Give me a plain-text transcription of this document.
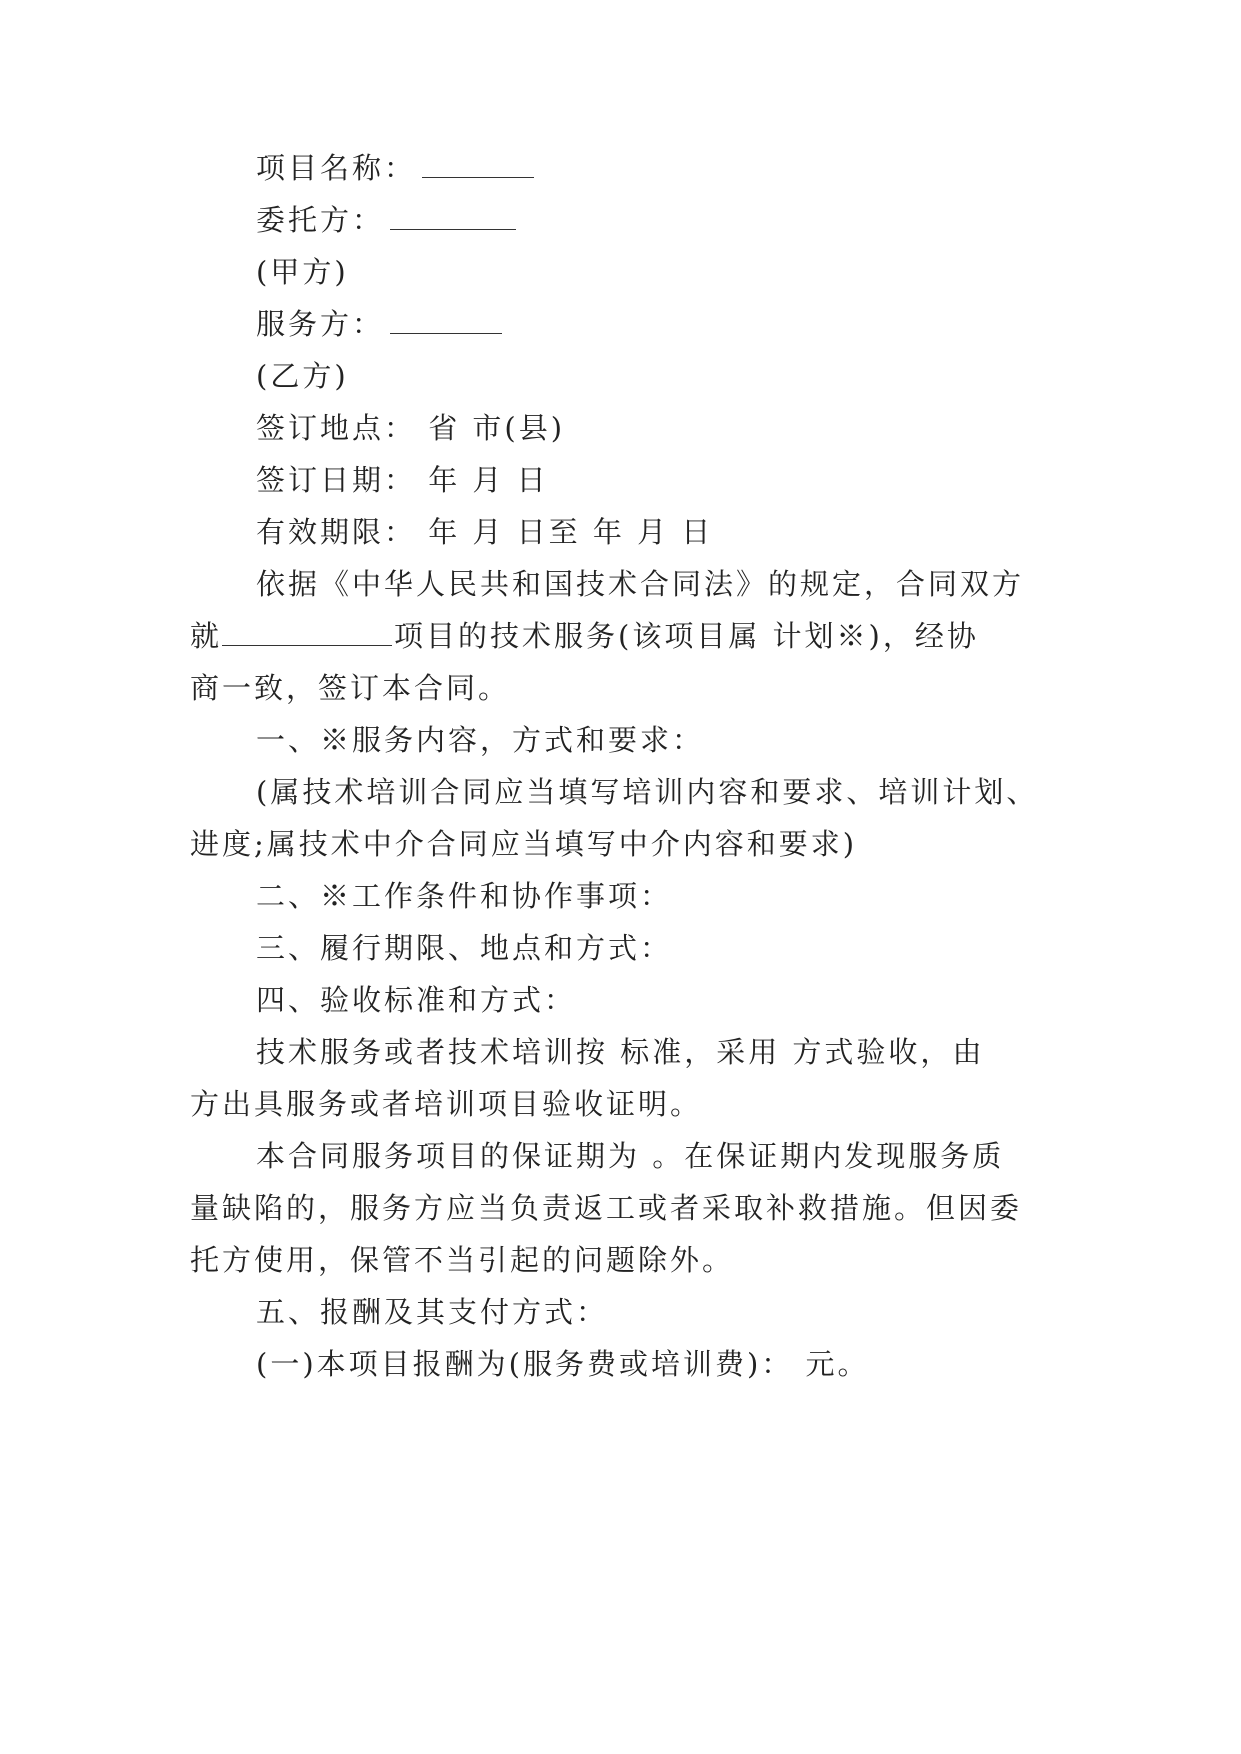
项目名称：
委托方：
(甲方)
服务方：
(乙方)
签订地点： 省 市(县)
签订日期： 年 月 日
有效期限： 年 月 日至 年 月 日
依据《中华人民共和国技术合同法》的规定，合同双方
就	项目的技术服务(该项目属 计划※)，经协
商一致，签订本合同。
一、※服务内容，方式和要求：
(属技术培训合同应当填写培训内容和要求、培训计划、
进度;属技术中介合同应当填写中介内容和要求)
二、※工作条件和协作事项：
三、履行期限、地点和方式：
四、验收标准和方式：
技术服务或者技术培训按 标准，采用 方式验收，由
方出具服务或者培训项目验收证明。
本合同服务项目的保证期为 。在保证期内发现服务质
量缺陷的，服务方应当负责返工或者采取补救措施。但因委
托方使用，保管不当引起的问题除外。
五、报酬及其支付方式：
(一)本项目报酬为(服务费或培训费)： 元。
